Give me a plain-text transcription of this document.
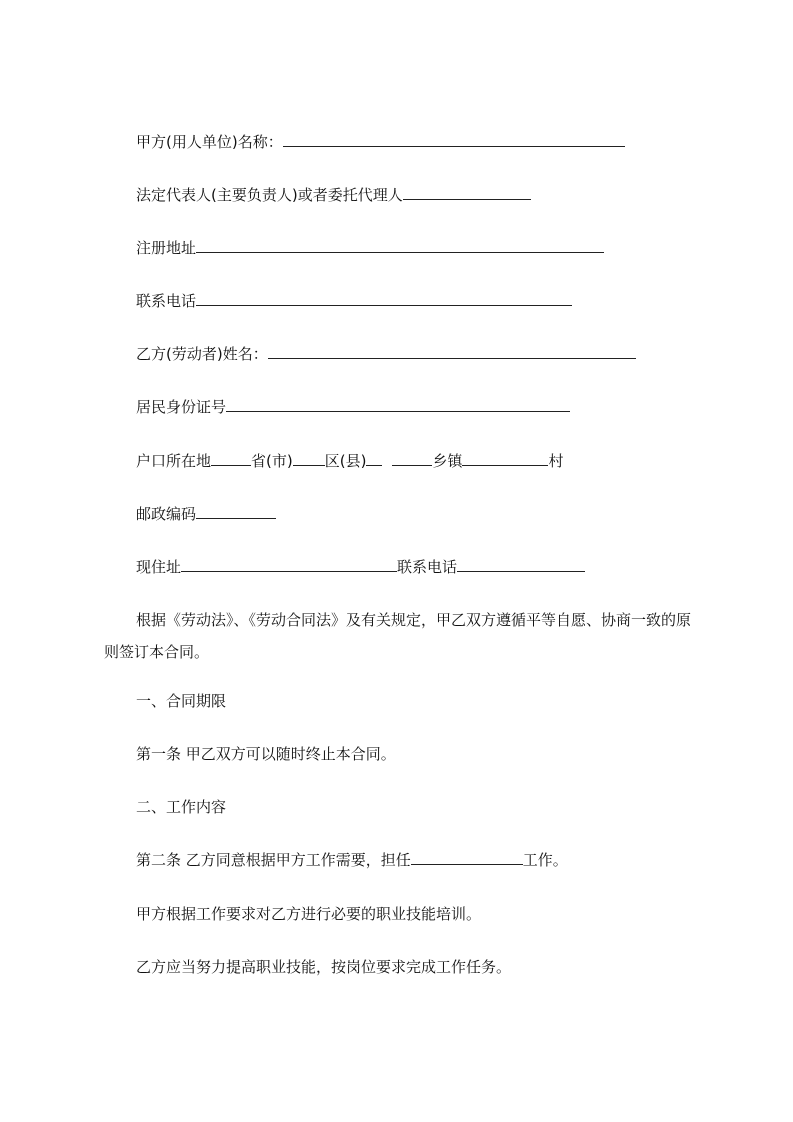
甲方(用人单位)名称：
法定代表人(主要负责人)或者委托代理人
注册地址
联系电话
乙方(劳动者)姓名：
居民身份证号
户口所在地	省(市) 区(县)	乡镇	村
邮政编码
现住址	联系电话
根据《劳动法》、《劳动合同法》及有关规定，甲乙双方遵循平等自愿、协商一致的原则签订本合同。
一、合同期限
第一条 甲乙双方可以随时终止本合同。
二、工作内容
第二条 乙方同意根据甲方工作需要，担任	工作。
甲方根据工作要求对乙方进行必要的职业技能培训。
乙方应当努力提高职业技能，按岗位要求完成工作任务。
